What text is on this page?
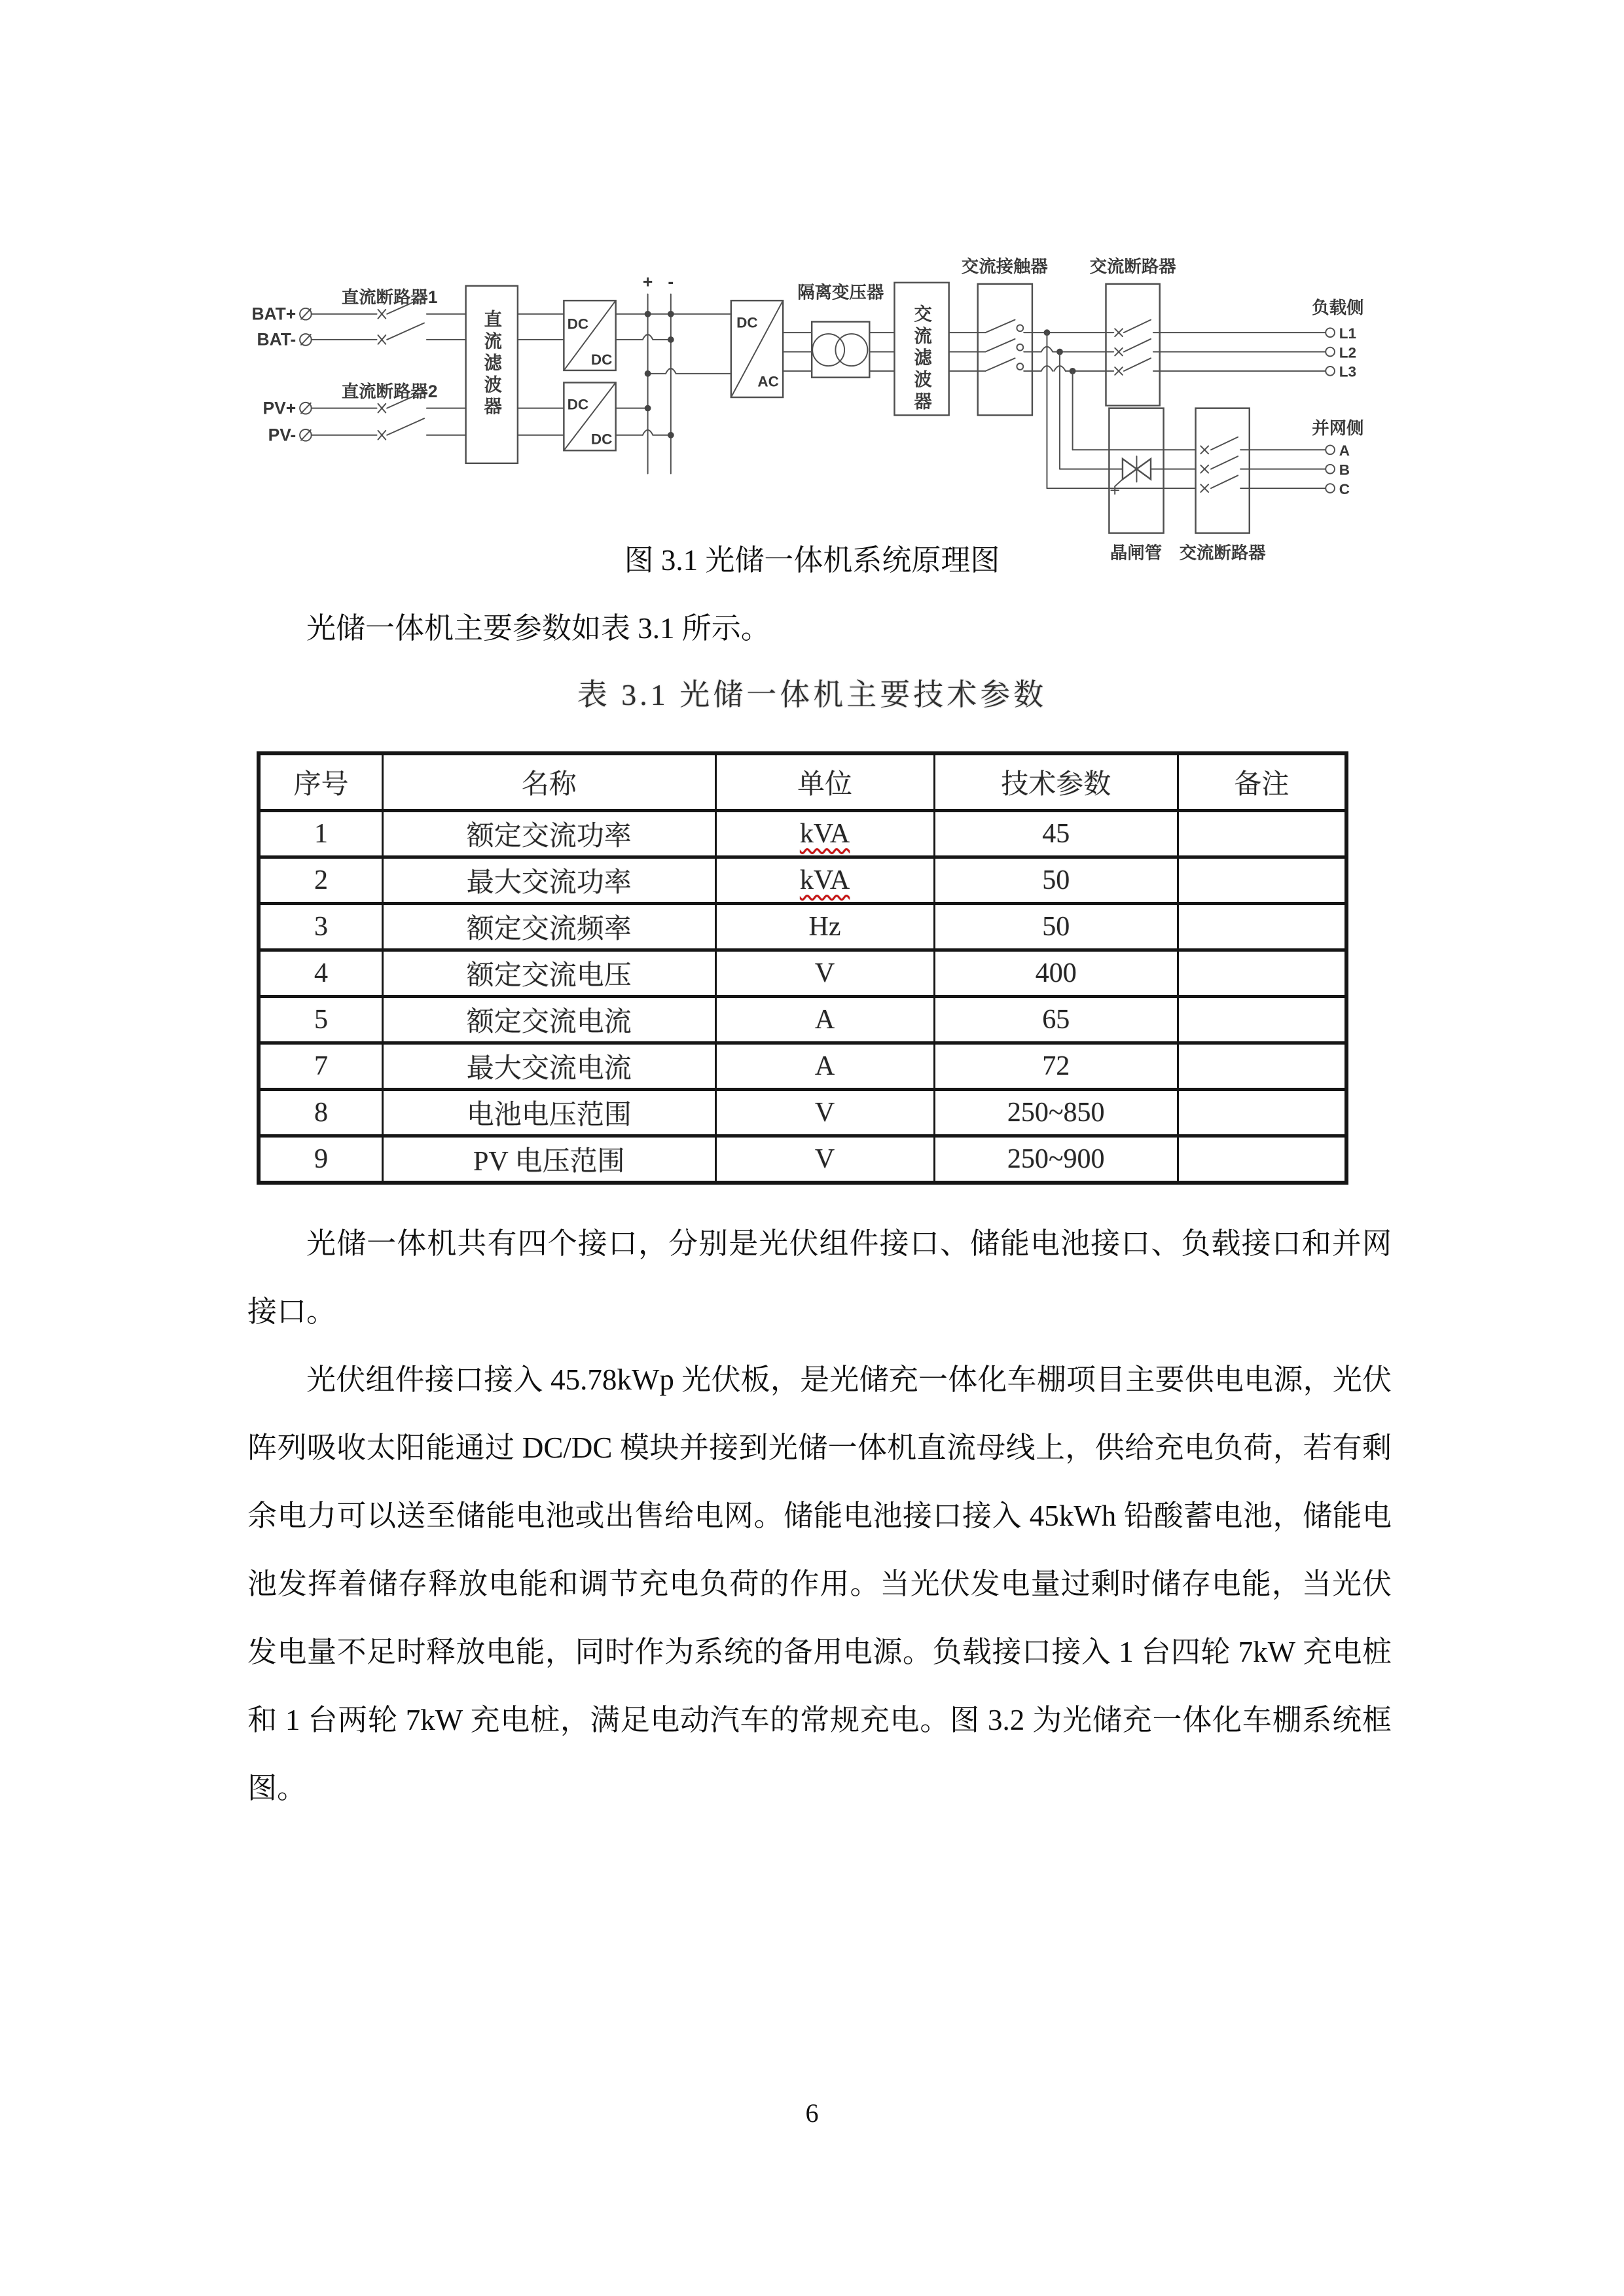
BAT+
BAT-
PV+
PV-
直流断路器1
直流断路器2 直流滤波器	DC
DC
DC
DC
+ -
DC
AC
隔离变压器
交流滤波器
交流接触器 交流断路器
负载侧
L1
L2
L3
晶闸管 交流断路器
并网侧
A
B
C
图 3.1 光储一体机系统原理图

光储一体机主要参数如表 3.1 所示。

表 3.1 光储一体机主要技术参数
序号	名称	单位	技术参数	备注
1	额定交流功率	kVA	45	
2	最大交流功率	kVA	50	
3	额定交流频率	Hz	50	
4	额定交流电压	V	400	
5	额定交流电流	A	65	
7	最大交流电流	A	72	
8	电池电压范围	V	250~850	
9	PV 电压范围	V	250~900	

光储一体机共有四个接口，分别是光伏组件接口、储能电池接口、负载接口和并网接口。

光伏组件接口接入 45.78kWp 光伏板，是光储充一体化车棚项目主要供电电源，光伏阵列吸收太阳能通过 DC/DC 模块并接到光储一体机直流母线上，供给充电负荷，若有剩余电力可以送至储能电池或出售给电网。储能电池接口接入 45kWh 铅酸蓄电池，储能电池发挥着储存释放电能和调节充电负荷的作用。当光伏发电量过剩时储存电能，当光伏发电量不足时释放电能，同时作为系统的备用电源。负载接口接入 1 台四轮 7kW 充电桩和 1 台两轮 7kW 充电桩，满足电动汽车的常规充电。图 3.2 为光储充一体化车棚系统框图。

6
